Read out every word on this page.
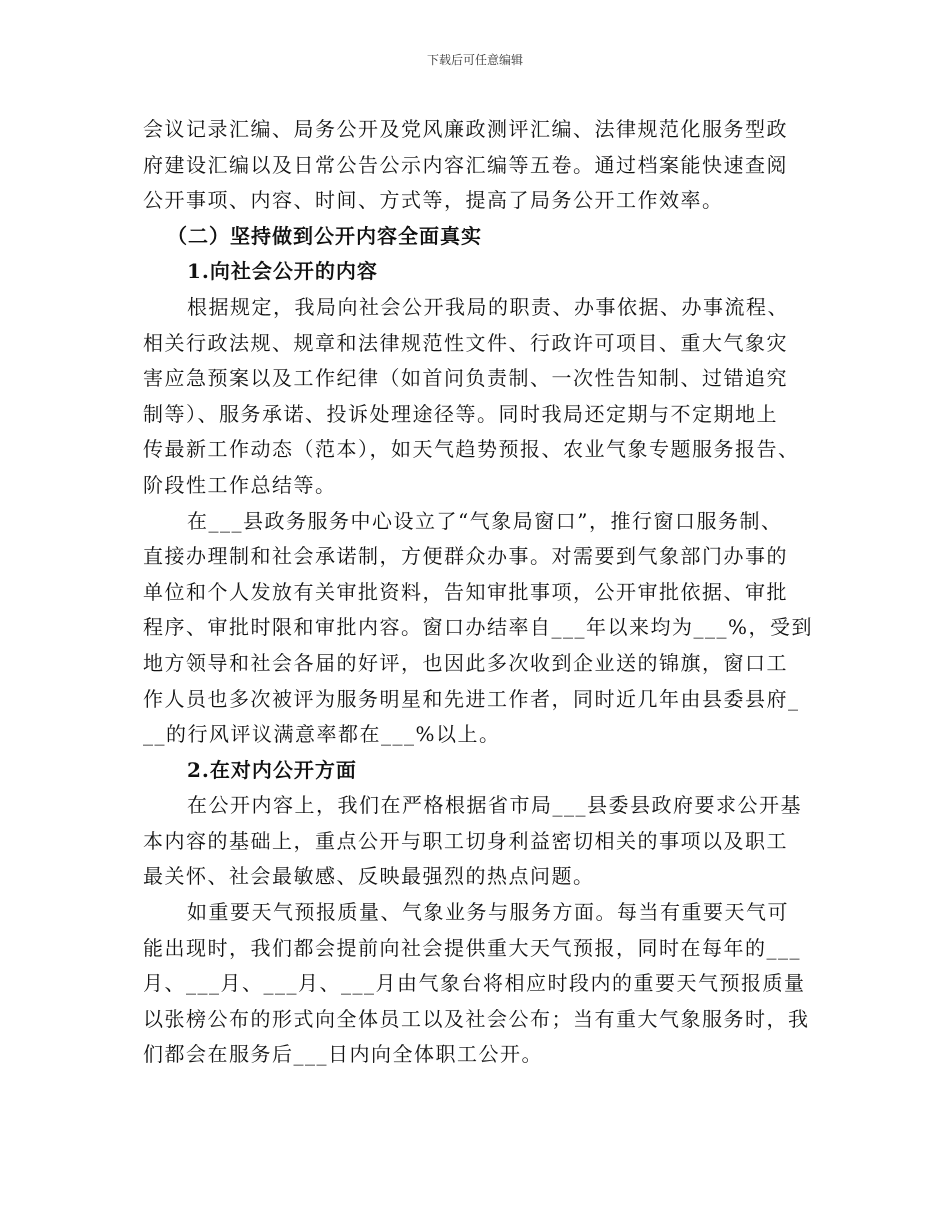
下载后可任意编辑
会议记录汇编、局务公开及党风廉政测评汇编、法律规范化服务型政
府建设汇编以及日常公告公示内容汇编等五卷。通过档案能快速查阅
公开事项、内容、时间、方式等，提高了局务公开工作效率。
（二）坚持做到公开内容全面真实
1.向社会公开的内容
根据规定，我局向社会公开我局的职责、办事依据、办事流程、
相关行政法规、规章和法律规范性文件、行政许可项目、重大气象灾
害应急预案以及工作纪律（如首问负责制、一次性告知制、过错追究
制等）、服务承诺、投诉处理途径等。同时我局还定期与不定期地上
传最新工作动态（范本），如天气趋势预报、农业气象专题服务报告、
阶段性工作总结等。
在___县政务服务中心设立了“气象局窗口”，推行窗口服务制、
直接办理制和社会承诺制，方便群众办事。对需要到气象部门办事的
单位和个人发放有关审批资料，告知审批事项，公开审批依据、审批
程序、审批时限和审批内容。窗口办结率自___年以来均为___%，受到
地方领导和社会各届的好评，也因此多次收到企业送的锦旗，窗口工
作人员也多次被评为服务明星和先进工作者，同时近几年由县委县府_
__的行风评议满意率都在___%以上。
2.在对内公开方面
在公开内容上，我们在严格根据省市局___县委县政府要求公开基
本内容的基础上，重点公开与职工切身利益密切相关的事项以及职工
最关怀、社会最敏感、反映最强烈的热点问题。
如重要天气预报质量、气象业务与服务方面。每当有重要天气可
能出现时，我们都会提前向社会提供重大天气预报，同时在每年的___
月、___月、___月、___月由气象台将相应时段内的重要天气预报质量
以张榜公布的形式向全体员工以及社会公布；当有重大气象服务时，我
们都会在服务后___日内向全体职工公开。
